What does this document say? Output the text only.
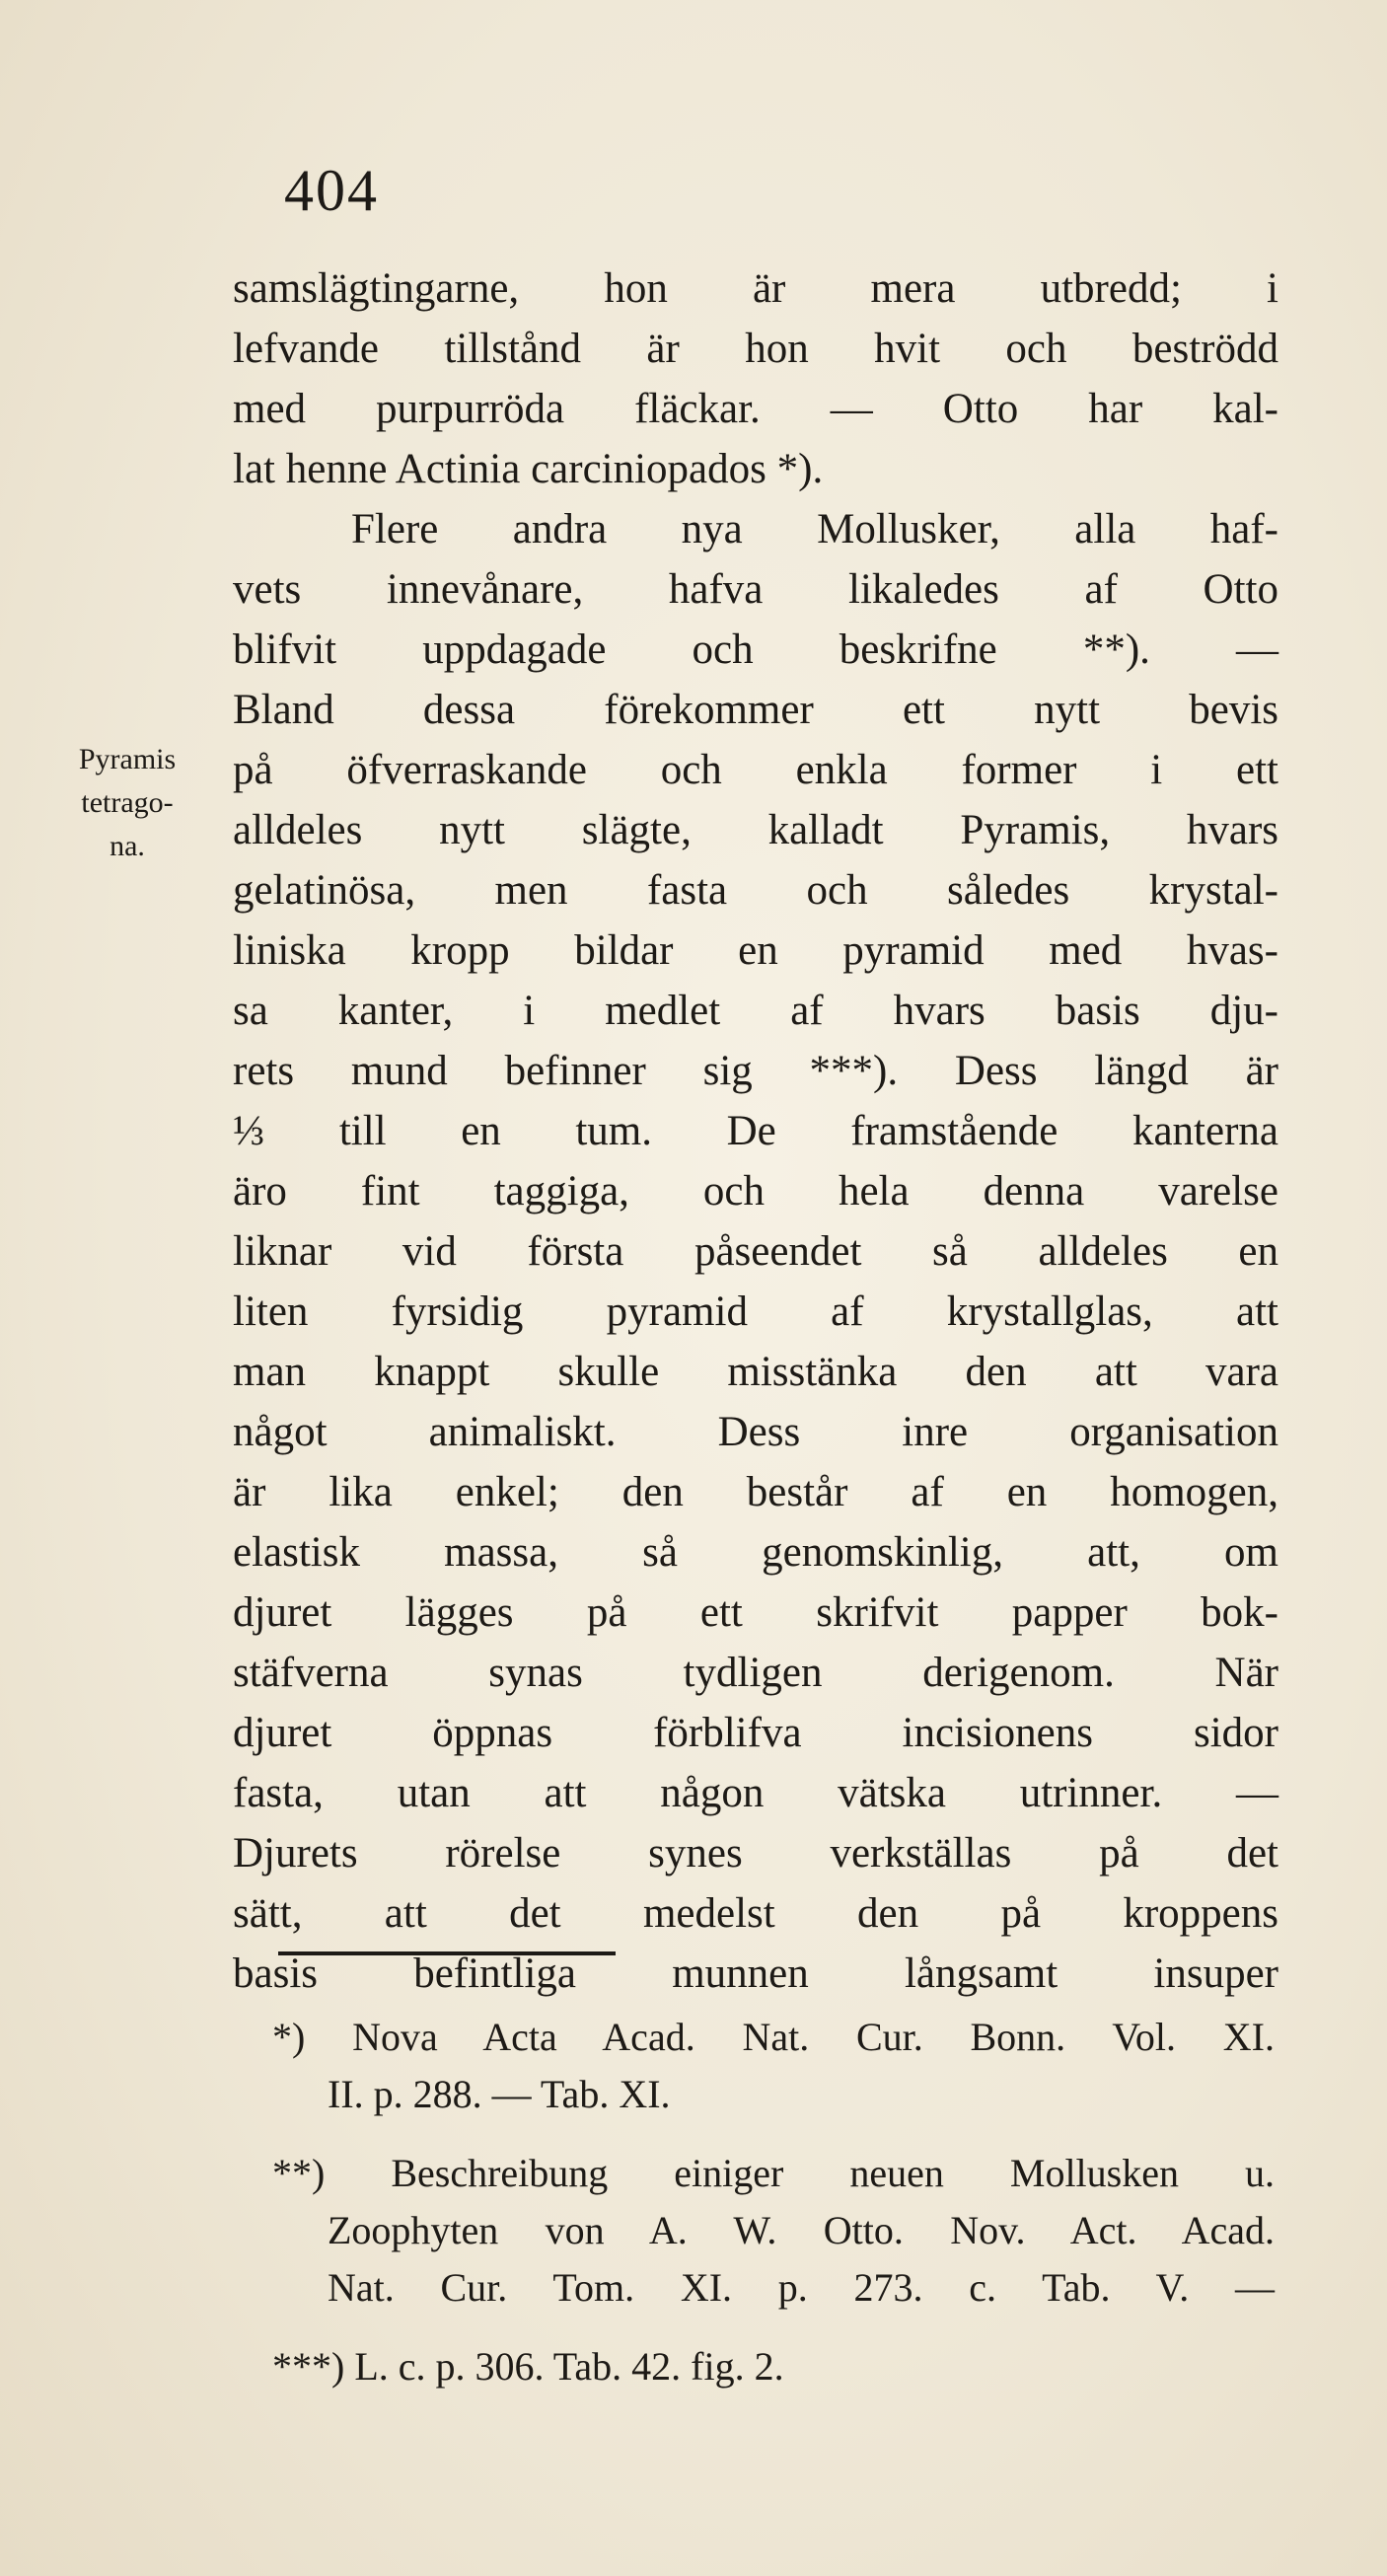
404
Pyramis
tetrago-
na.
samslägtingarne, hon är mera utbredd; i
lefvande tillstånd är hon hvit och beströdd
med purpurröda fläckar. — Otto har kal-
lat henne Actinia carciniopados *).
Flere andra nya Mollusker, alla haf-
vets innevånare, hafva likaledes af Otto
blifvit uppdagade och beskrifne **). —
Bland dessa förekommer ett nytt bevis
på öfverraskande och enkla former i ett
alldeles nytt slägte, kalladt Pyramis, hvars
gelatinösa, men fasta och således krystal-
liniska kropp bildar en pyramid med hvas-
sa kanter, i medlet af hvars basis dju-
rets mund befinner sig ***). Dess längd är
⅓ till en tum. De framstående kanterna
äro fint taggiga, och hela denna varelse
liknar vid första påseendet så alldeles en
liten fyrsidig pyramid af krystallglas, att
man knappt skulle misstänka den att vara
något animaliskt. Dess inre organisation
är lika enkel; den består af en homogen,
elastisk massa, så genomskinlig, att, om
djuret lägges på ett skrifvit papper bok-
stäfverna synas tydligen derigenom. När
djuret öppnas förblifva incisionens sidor
fasta, utan att någon vätska utrinner. —
Djurets rörelse synes verkställas på det
sätt, att det medelst den på kroppens
basis befintliga munnen långsamt insuper
*) Nova Acta Acad. Nat. Cur. Bonn. Vol. XI.
II. p. 288. — Tab. XI.
**) Beschreibung einiger neuen Mollusken u.
Zoophyten von A. W. Otto. Nov. Act. Acad.
Nat. Cur. Tom. XI. p. 273. c. Tab. V. —
***) L. c. p. 306. Tab. 42. fig. 2.
